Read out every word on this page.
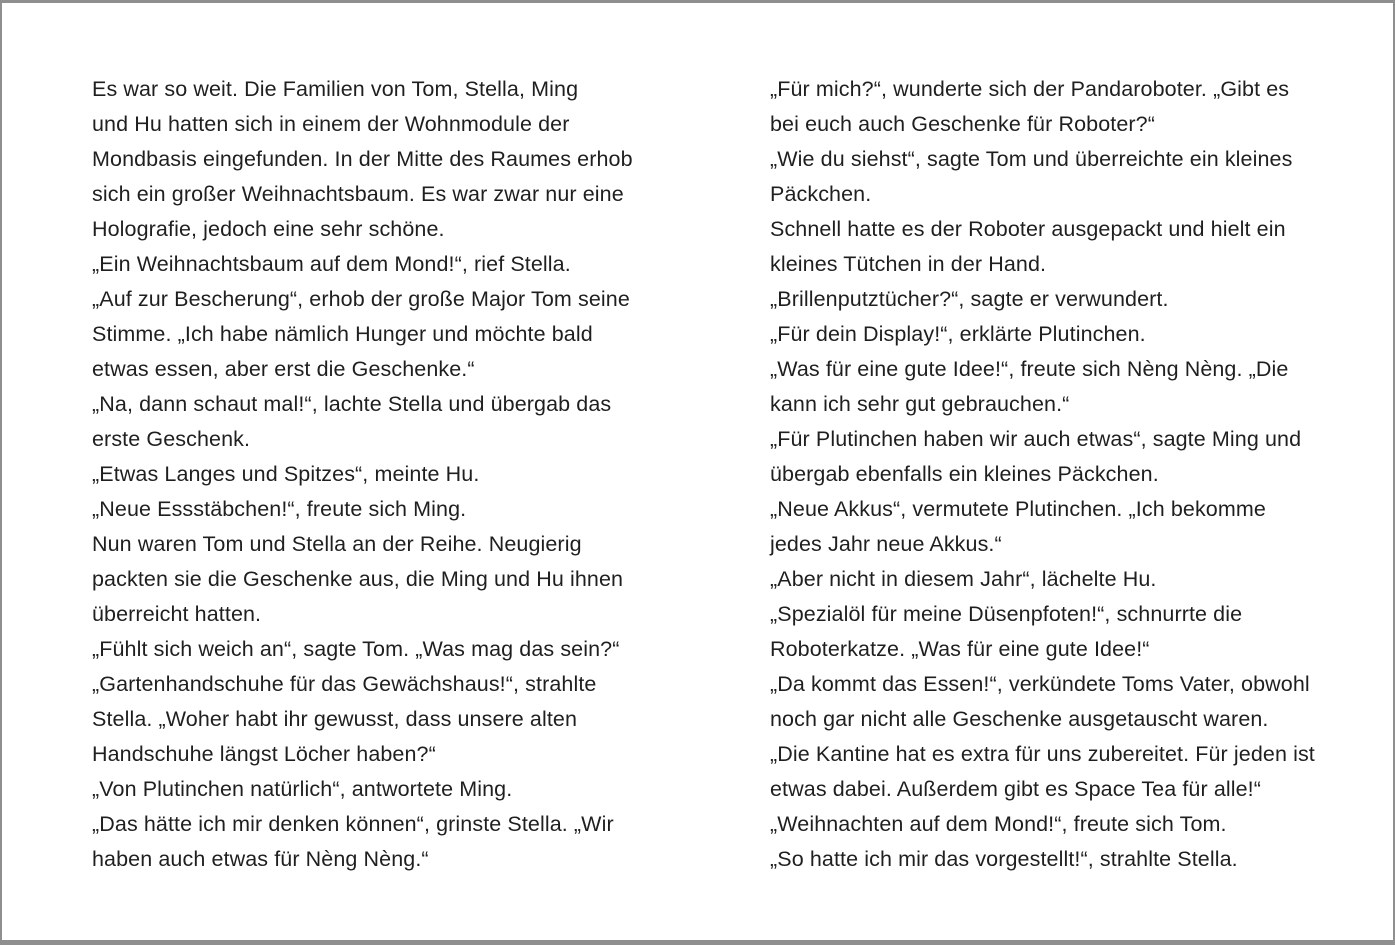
Es war so weit. Die Familien von Tom, Stella, Ming
und Hu hatten sich in einem der Wohnmodule der
Mondbasis eingefunden. In der Mitte des Raumes erhob
sich ein großer Weihnachtsbaum. Es war zwar nur eine
Holografie, jedoch eine sehr schöne.
„Ein Weihnachtsbaum auf dem Mond!“, rief Stella.
„Auf zur Bescherung“, erhob der große Major Tom seine
Stimme. „Ich habe nämlich Hunger und möchte bald
etwas essen, aber erst die Geschenke.“
„Na, dann schaut mal!“, lachte Stella und übergab das
erste Geschenk.
„Etwas Langes und Spitzes“, meinte Hu.
„Neue Essstäbchen!“, freute sich Ming.
Nun waren Tom und Stella an der Reihe. Neugierig
packten sie die Geschenke aus, die Ming und Hu ihnen
überreicht hatten.
„Fühlt sich weich an“, sagte Tom. „Was mag das sein?“
„Gartenhandschuhe für das Gewächshaus!“, strahlte
Stella. „Woher habt ihr gewusst, dass unsere alten
Handschuhe längst Löcher haben?“
„Von Plutinchen natürlich“, antwortete Ming.
„Das hätte ich mir denken können“, grinste Stella. „Wir
haben auch etwas für Nèng Nèng.“
„Für mich?“, wunderte sich der Pandaroboter. „Gibt es
bei euch auch Geschenke für Roboter?“
„Wie du siehst“, sagte Tom und überreichte ein kleines
Päckchen.
Schnell hatte es der Roboter ausgepackt und hielt ein
kleines Tütchen in der Hand.
„Brillenputztücher?“, sagte er verwundert.
„Für dein Display!“, erklärte Plutinchen.
„Was für eine gute Idee!“, freute sich Nèng Nèng. „Die
kann ich sehr gut gebrauchen.“
„Für Plutinchen haben wir auch etwas“, sagte Ming und
übergab ebenfalls ein kleines Päckchen.
„Neue Akkus“, vermutete Plutinchen. „Ich bekomme
jedes Jahr neue Akkus.“
„Aber nicht in diesem Jahr“, lächelte Hu.
„Spezialöl für meine Düsenpfoten!“, schnurrte die
Roboterkatze. „Was für eine gute Idee!“
„Da kommt das Essen!“, verkündete Toms Vater, obwohl
noch gar nicht alle Geschenke ausgetauscht waren.
„Die Kantine hat es extra für uns zubereitet. Für jeden ist
etwas dabei. Außerdem gibt es Space Tea für alle!“
„Weihnachten auf dem Mond!“, freute sich Tom.
„So hatte ich mir das vorgestellt!“, strahlte Stella.
